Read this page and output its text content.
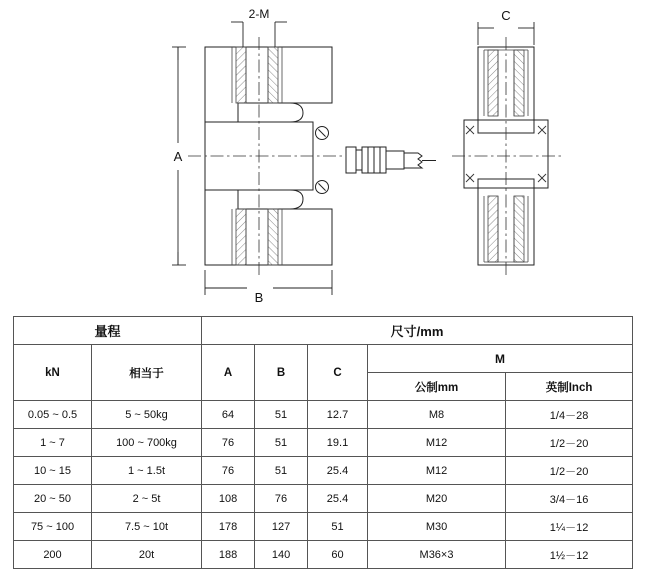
2-M
A
B
C
量程		尺寸/mm				
kN	相当于	A	B	C	M	
					公制mm	英制Inch
0.05 ~ 0.5	5 ~ 50kg	64	51	12.7	M8	1/4－28
1 ~ 7	100 ~ 700kg	76	51	19.1	M12	1/2－20
10 ~ 15	1 ~ 1.5t	76	51	25.4	M12	1/2－20
20 ~ 50	2 ~ 5t	108	76	25.4	M20	3/4－16
75 ~ 100	7.5 ~ 10t	178	127	51	M30	1¼－12
200	20t	188	140	60	M36×3	1½－12
